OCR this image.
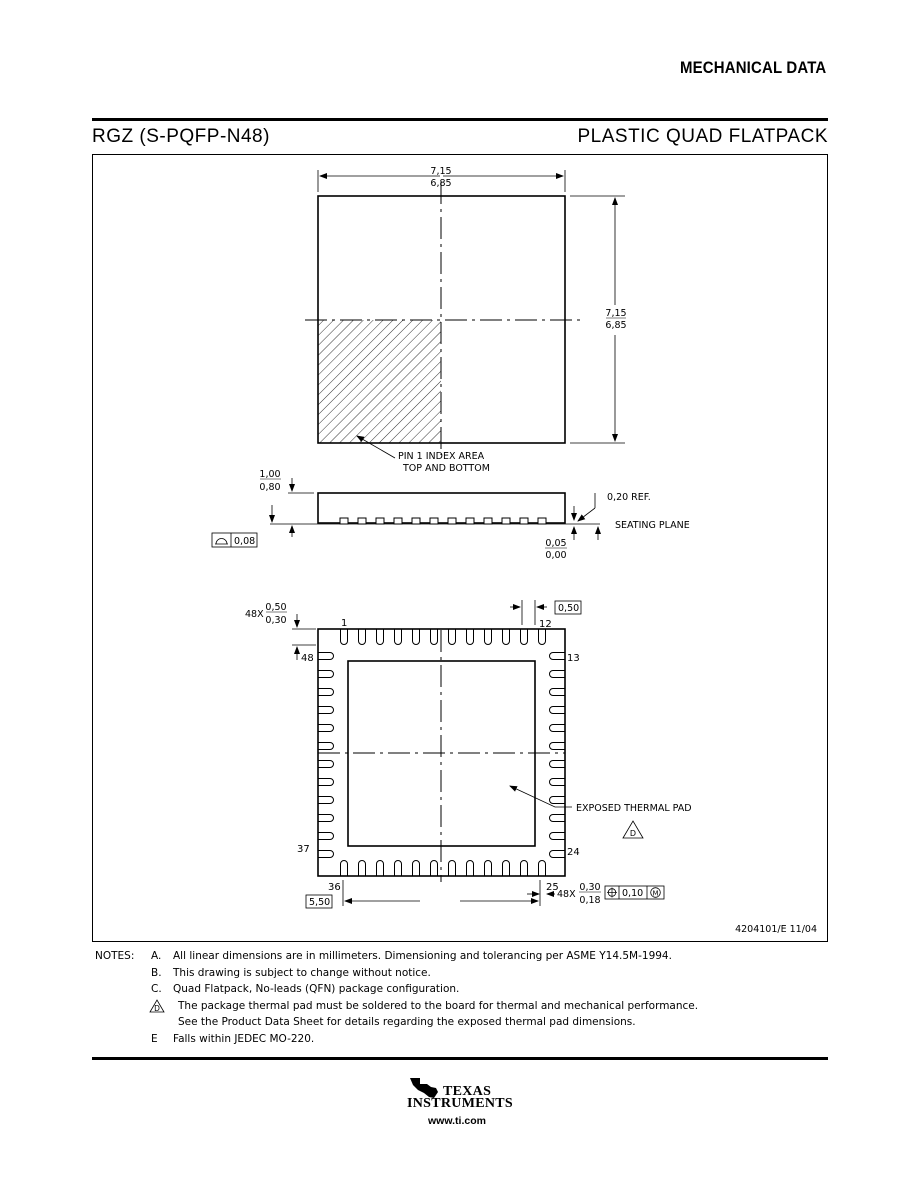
MECHANICAL DATA
RGZ (S-PQFP-N48)	PLASTIC QUAD FLATPACK
7,15
6,85
7,15
6,85
PIN 1 INDEX AREA
TOP AND BOTTOM
1,00
0,80
0,08
0,20 REF.
SEATING PLANE
0,05
0,00
1	12
13
24
25
36
37
48
48X
0,50
0,30
0,50
5,50
48X
0,30
0,18
0,10 M
EXPOSED THERMAL PAD
D
4204101/E 11/04
NOTES: A. All linear dimensions are in millimeters. Dimensioning and tolerancing per ASME Y14.5M-1994.
B. This drawing is subject to change without notice.
C. Quad Flatpack, No-leads (QFN) package configuration.
D The package thermal pad must be soldered to the board for thermal and mechanical performance.
See the Product Data Sheet for details regarding the exposed thermal pad dimensions.
E Falls within JEDEC MO-220.
TEXAS
INSTRUMENTS
www.ti.com
